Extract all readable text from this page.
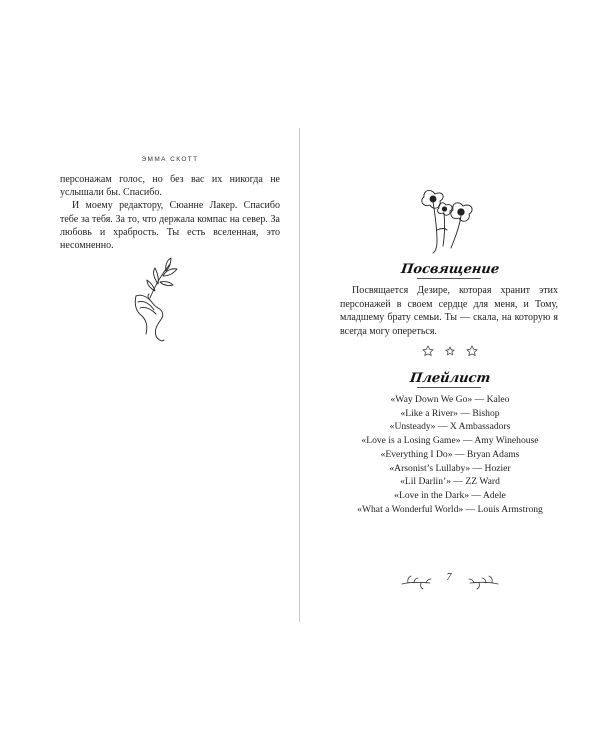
ЭММА СКОТТ

персонажам голос, но без вас их никогда не услышали бы. Спасибо.

И моему редактору, Сюанне Лакер. Спасибо тебе за тебя. За то, что держала компас на север. За любовь и храбрость. Ты есть вселенная, это несомненно.

Посвящение

Посвящается Дезире, которая хранит этих персонажей в своем сердце для меня, и Тому, младшему брату семьи. Ты — скала, на которую я всегда могу опереться.

Плейлист
«Way Down We Go» — Kaleo
«Like a River» — Bishop
«Unsteady» — X Ambassadors
«Love is a Losing Game» — Amy Winehouse
«Everything I Do» — Bryan Adams
«Arsonist’s Lullaby» — Hozier
«Lil Darlin’» — ZZ Ward
«Love in the Dark» — Adele
«What a Wonderful World» — Louis Armstrong
7
